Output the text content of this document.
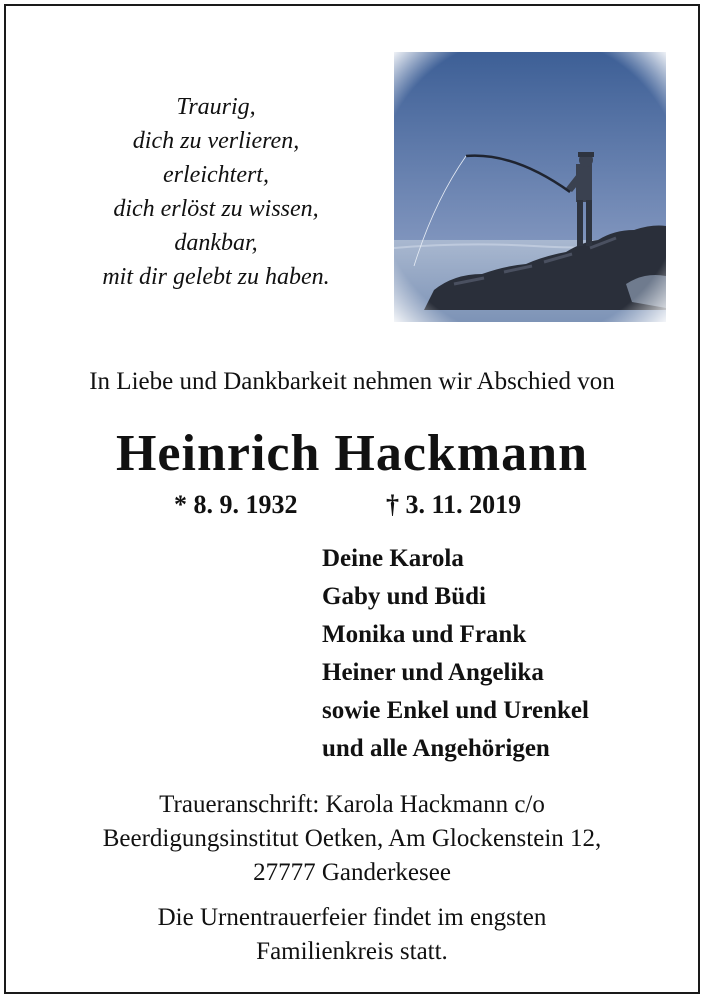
Traurig,
dich zu verlieren,
erleichtert,
dich erlöst zu wissen,
dankbar,
mit dir gelebt zu haben.
In Liebe und Dankbarkeit nehmen wir Abschied von
Heinrich Hackmann
* 8. 9. 1932	† 3. 11. 2019
Deine Karola
Gaby und Büdi
Monika und Frank
Heiner und Angelika
sowie Enkel und Urenkel
und alle Angehörigen
Traueranschrift: Karola Hackmann c/o
Beerdigungsinstitut Oetken, Am Glockenstein 12,
27777 Ganderkesee
Die Urnentrauerfeier findet im engsten
Familienkreis statt.
